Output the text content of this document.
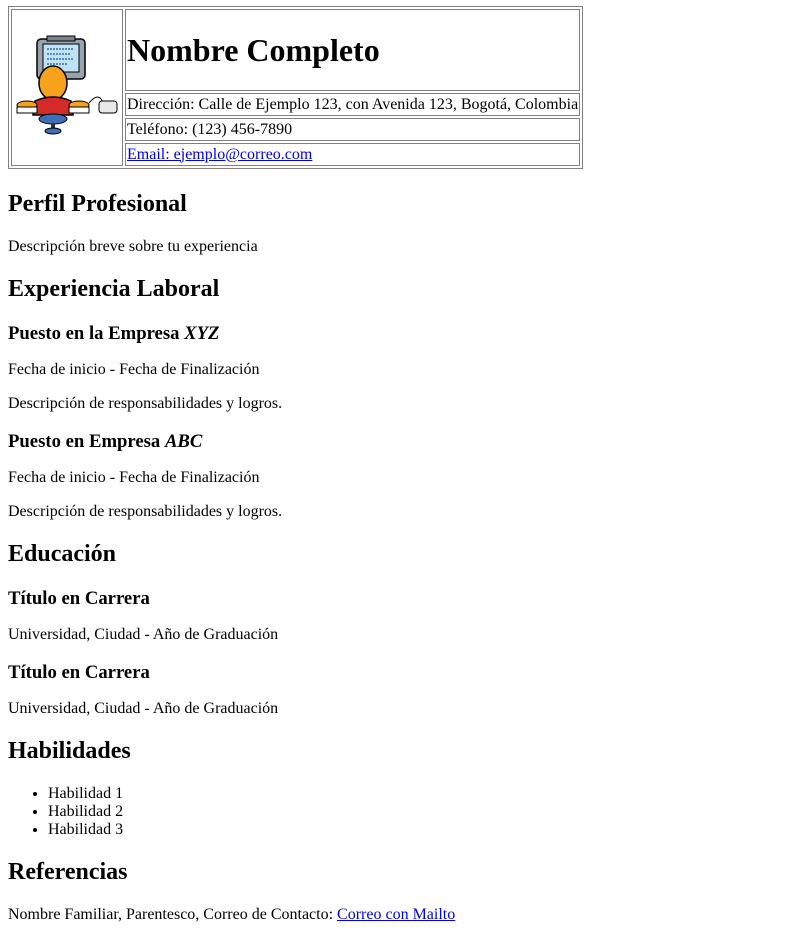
Nombre Completo

Dirección: Calle de Ejemplo 123, con Avenida 123, Bogotá, Colombia
Teléfono: (123) 456-7890
Email: ejemplo@correo.com
Perfil Profesional

Descripción breve sobre tu experiencia

Experiencia Laboral
Puesto en la Empresa XYZ

Fecha de inicio - Fecha de Finalización

Descripción de responsabilidades y logros.

Puesto en Empresa ABC

Fecha de inicio - Fecha de Finalización

Descripción de responsabilidades y logros.

Educación
Título en Carrera

Universidad, Ciudad - Año de Graduación

Título en Carrera

Universidad, Ciudad - Año de Graduación

Habilidades
• Habilidad 1
• Habilidad 2
• Habilidad 3
Referencias

Nombre Familiar, Parentesco, Correo de Contacto: Correo con Mailto
